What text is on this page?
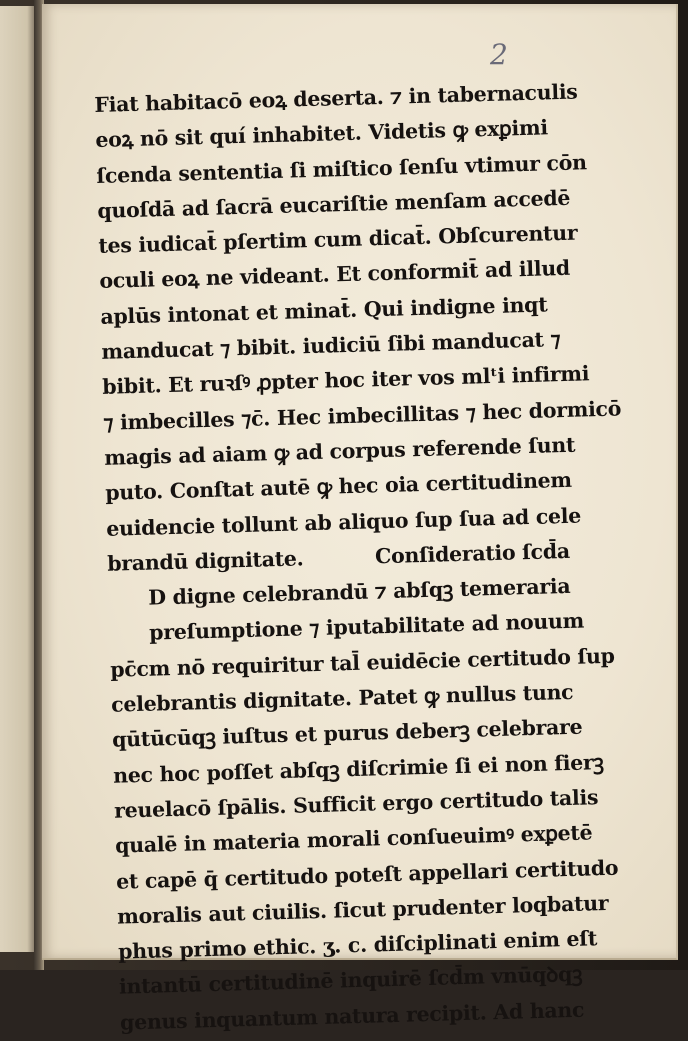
2
Fiat habitacō eoꝝ deserta. ⁊ in tabernaculis
eoꝝ nō sit quí inhabitet. Videtis ꝙ exꝑimi
ſcenda sententia ſi miſtico ſenſu vtimur cōn
quoſdā ad ſacrā eucariſtie menſam accedē
tes iudicat̄ pſertim cum dicat̄. Obſcurentur
oculi eoꝝ ne videant. Et conformit̄ ad illud
aplūs intonat et minat̄. Qui indigne inqt
manducat ⁊ bibit. iudiciū ſibi manducat ⁊
bibit. Et ruꝛſꝰ ꝓpter hoc iter vos mlᵗi infirmi
⁊ imbecilles ⁊c̄. Hec imbecillitas ⁊ hec dormicō
magis ad aiam ꝙ ad corpus referende ſunt
puto. Conſtat autē ꝙ hec oia certitudinem
euidencie tollunt ab aliquo ſup ſua ad cele
brandū dignitate.	Conſideratio ſcd̄a
D digne celebrandū ⁊ abſqꝫ temeraria
preſumptione ⁊ iputabilitate ad nouum
pc̄cm nō requiritur tal̄ euidēcie certitudo ſup
celebrantis dignitate. Patet ꝙ nullus tunc
qūtūcūqꝫ iuſtus et purus deberꝫ celebrare
nec hoc poſſet abſqꝫ diſcrimie ſi ei non fierꝫ
reuelacō ſpālis. Sufficit ergo certitudo talis
qualē in materia morali conſueuimꝰ exꝑetē
et capē q̄ certitudo poteſt appellari certitudo
moralis aut ciuilis. ſicut prudenter loqbatur
phus primo ethic. ʒ. c. diſciplinati enim eſt
intantū certitudinē inquirē ſcd̄m vnūqꝺqꝫ
genus inquantum natura recipit. Ad hanc
